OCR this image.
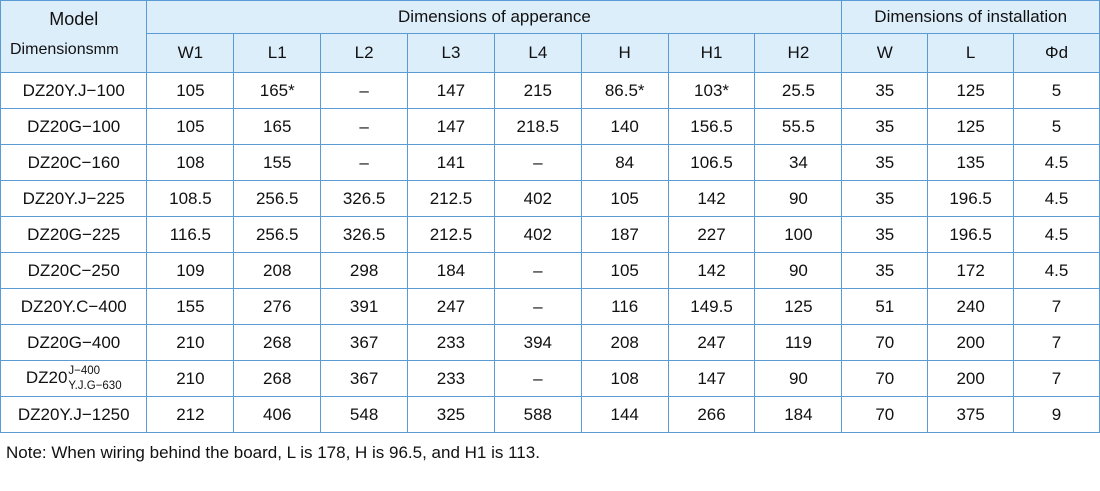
Dimensionsmm
Model	Dimensions of apperance								Dimensions of installation		
	W1	L1	L2	L3	L4	H	H1	H2	W	L	Φd
DZ20Y.J−100	105	165*	–	147	215	86.5*	103*	25.5	35	125	5
DZ20G−100	105	165	–	147	218.5	140	156.5	55.5	35	125	5
DZ20C−160	108	155	–	141	–	84	106.5	34	35	135	4.5
DZ20Y.J−225	108.5	256.5	326.5	212.5	402	105	142	90	35	196.5	4.5
DZ20G−225	116.5	256.5	326.5	212.5	402	187	227	100	35	196.5	4.5
DZ20C−250	109	208	298	184	–	105	142	90	35	172	4.5
DZ20Y.C−400	155	276	391	247	–	116	149.5	125	51	240	7
DZ20G−400	210	268	367	233	394	208	247	119	70	200	7
DZ20J−400
Y.J.G−630	210	268	367	233	–	108	147	90	70	200	7
DZ20Y.J−1250	212	406	548	325	588	144	266	184	70	375	9
Note: When wiring behind the board, L is 178, H is 96.5, and H1 is 113.
